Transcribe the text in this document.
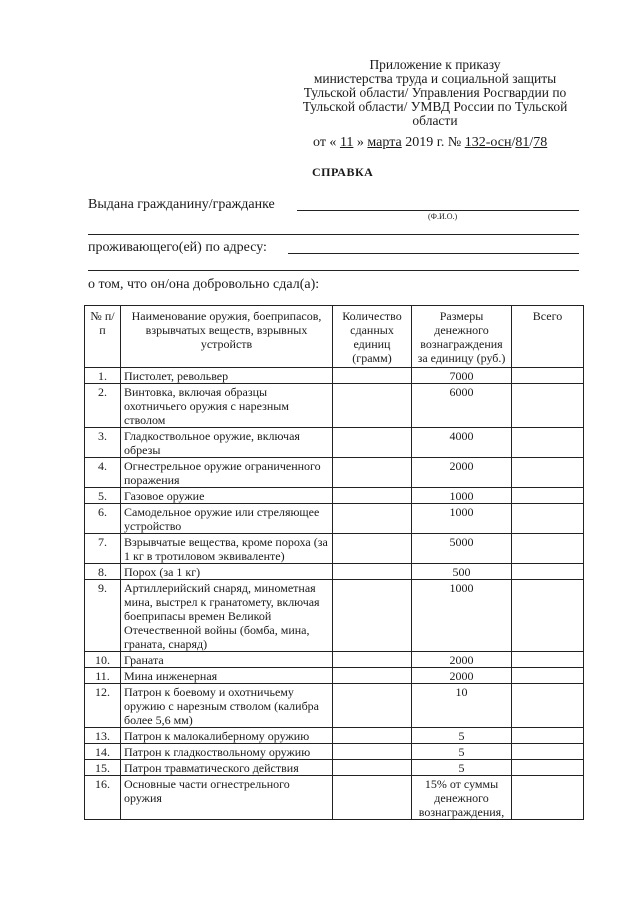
Приложение к приказу
министерства труда и социальной защиты
Тульской области/ Управления Росгвардии по
Тульской области/ УМВД России по Тульской
области
от « 11 » марта 2019 г. № 132-осн/81/78
СПРАВКА
Выдана гражданину/гражданке
(Ф.И.О.)
проживающего(ей) по адресу:
о том, что он/она добровольно сдал(а):
№ п/п	Наименование оружия, боеприпасов, взрывчатых веществ, взрывных устройств	Количество сданных единиц (грамм)	Размеры денежного вознаграждения за единицу (руб.)	Всего
1.	Пистолет, револьвер		7000	
2.	Винтовка, включая образцы охотничьего оружия с нарезным стволом		6000	
3.	Гладкоствольное оружие, включая обрезы		4000	
4.	Огнестрельное оружие ограниченного поражения		2000	
5.	Газовое оружие		1000	
6.	Самодельное оружие или стреляющее устройство		1000	
7.	Взрывчатые вещества, кроме пороха (за 1 кг в тротиловом эквиваленте)		5000	
8.	Порох (за 1 кг)		500	
9.	Артиллерийский снаряд, минометная мина, выстрел к гранатомету, включая боеприпасы времен Великой Отечественной войны (бомба, мина, граната, снаряд)		1000	
10.	Граната		2000	
11.	Мина инженерная		2000	
12.	Патрон к боевому и охотничьему оружию с нарезным стволом (калибра более 5,6 мм)		10	
13.	Патрон к малокалиберному оружию		5	
14.	Патрон к гладкоствольному оружию		5	
15.	Патрон травматического действия		5	
16.	Основные части огнестрельного оружия		15% от суммы денежного вознаграждения,	
